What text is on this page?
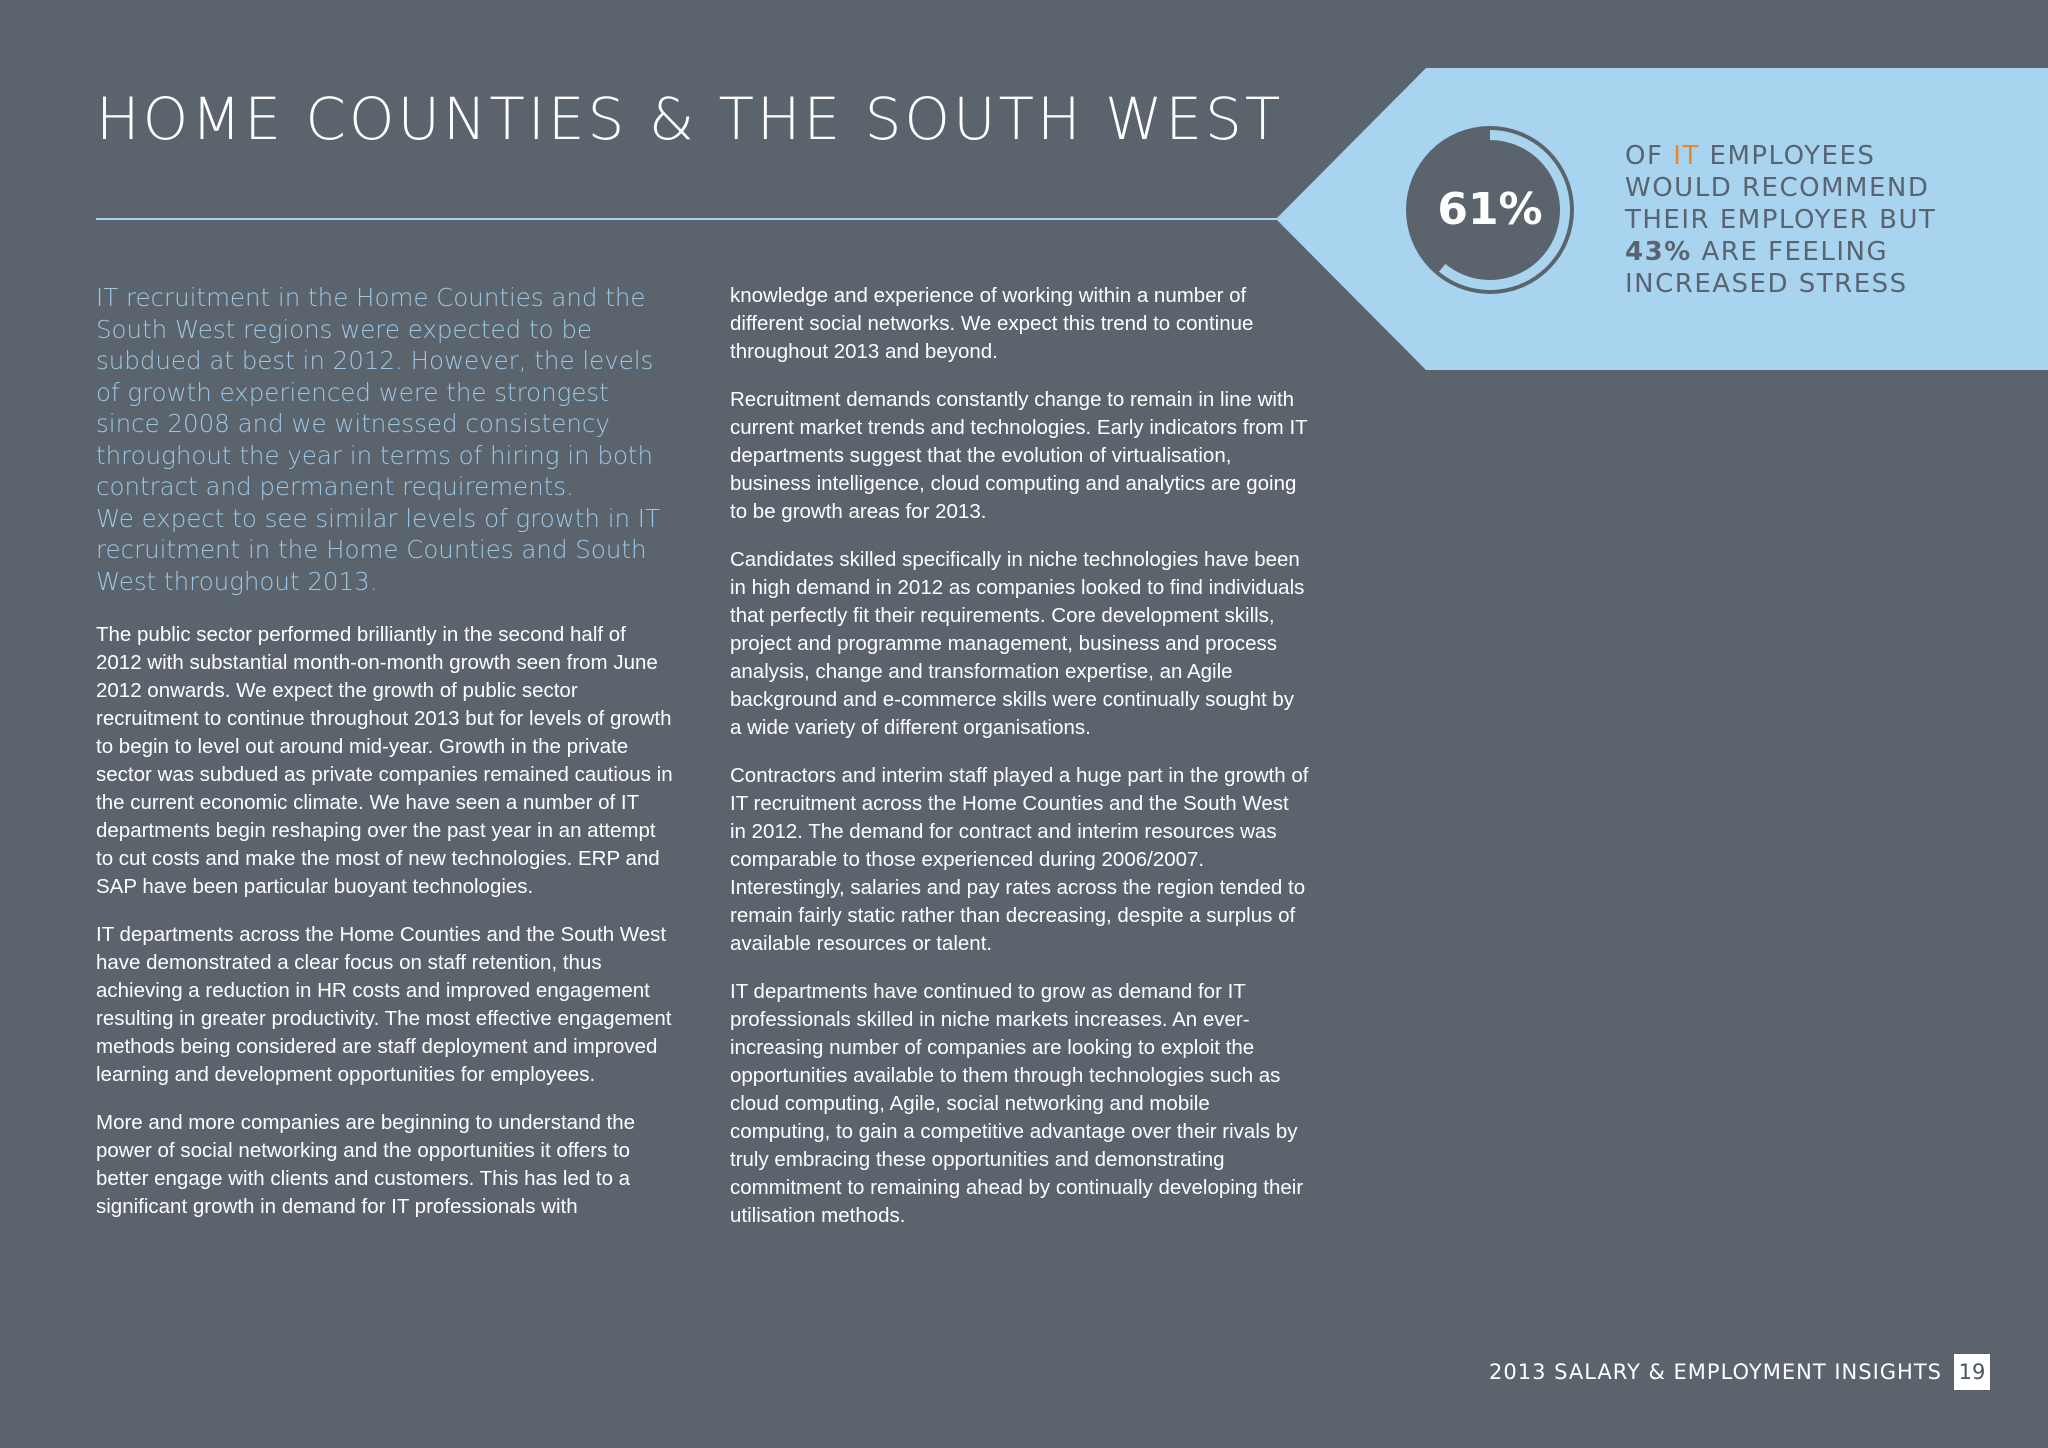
HOME COUNTIES & THE SOUTH WEST
61%
OF IT EMPLOYEES
WOULD RECOMMEND
THEIR EMPLOYER BUT
43% ARE FEELING
INCREASED STRESS

IT recruitment in the Home Counties and the South West regions were expected to be subdued at best in 2012. However, the levels of growth experienced were the strongest since 2008 and we witnessed consistency throughout the year in terms of hiring in both contract and permanent requirements.

We expect to see similar levels of growth in IT recruitment in the Home Counties and South West throughout 2013.

The public sector performed brilliantly in the second half of 2012 with substantial month-on-month growth seen from June 2012 onwards. We expect the growth of public sector recruitment to continue throughout 2013 but for levels of growth to begin to level out around mid-year. Growth in the private sector was subdued as private companies remained cautious in the current economic climate. We have seen a number of IT departments begin reshaping over the past year in an attempt to cut costs and make the most of new technologies. ERP and SAP have been particular buoyant technologies.

IT departments across the Home Counties and the South West have demonstrated a clear focus on staff retention, thus achieving a reduction in HR costs and improved engagement resulting in greater productivity. The most effective engagement methods being considered are staff deployment and improved learning and development opportunities for employees.

More and more companies are beginning to understand the power of social networking and the opportunities it offers to better engage with clients and customers. This has led to a significant growth in demand for IT professionals with

knowledge and experience of working within a number of different social networks. We expect this trend to continue throughout 2013 and beyond.

Recruitment demands constantly change to remain in line with current market trends and technologies. Early indicators from IT departments suggest that the evolution of virtualisation, business intelligence, cloud computing and analytics are going to be growth areas for 2013.

Candidates skilled specifically in niche technologies have been in high demand in 2012 as companies looked to find individuals that perfectly fit their requirements. Core development skills, project and programme management, business and process analysis, change and transformation expertise, an Agile background and e-commerce skills were continually sought by a wide variety of different organisations.

Contractors and interim staff played a huge part in the growth of IT recruitment across the Home Counties and the South West in 2012. The demand for contract and interim resources was comparable to those experienced during 2006/2007. Interestingly, salaries and pay rates across the region tended to remain fairly static rather than decreasing, despite a surplus of available resources or talent.

IT departments have continued to grow as demand for IT professionals skilled in niche markets increases. An ever-increasing number of companies are looking to exploit the opportunities available to them through technologies such as cloud computing, Agile, social networking and mobile computing, to gain a competitive advantage over their rivals by truly embracing these opportunities and demonstrating commitment to remaining ahead by continually developing their utilisation methods.

2013 SALARY & EMPLOYMENT INSIGHTS 19
